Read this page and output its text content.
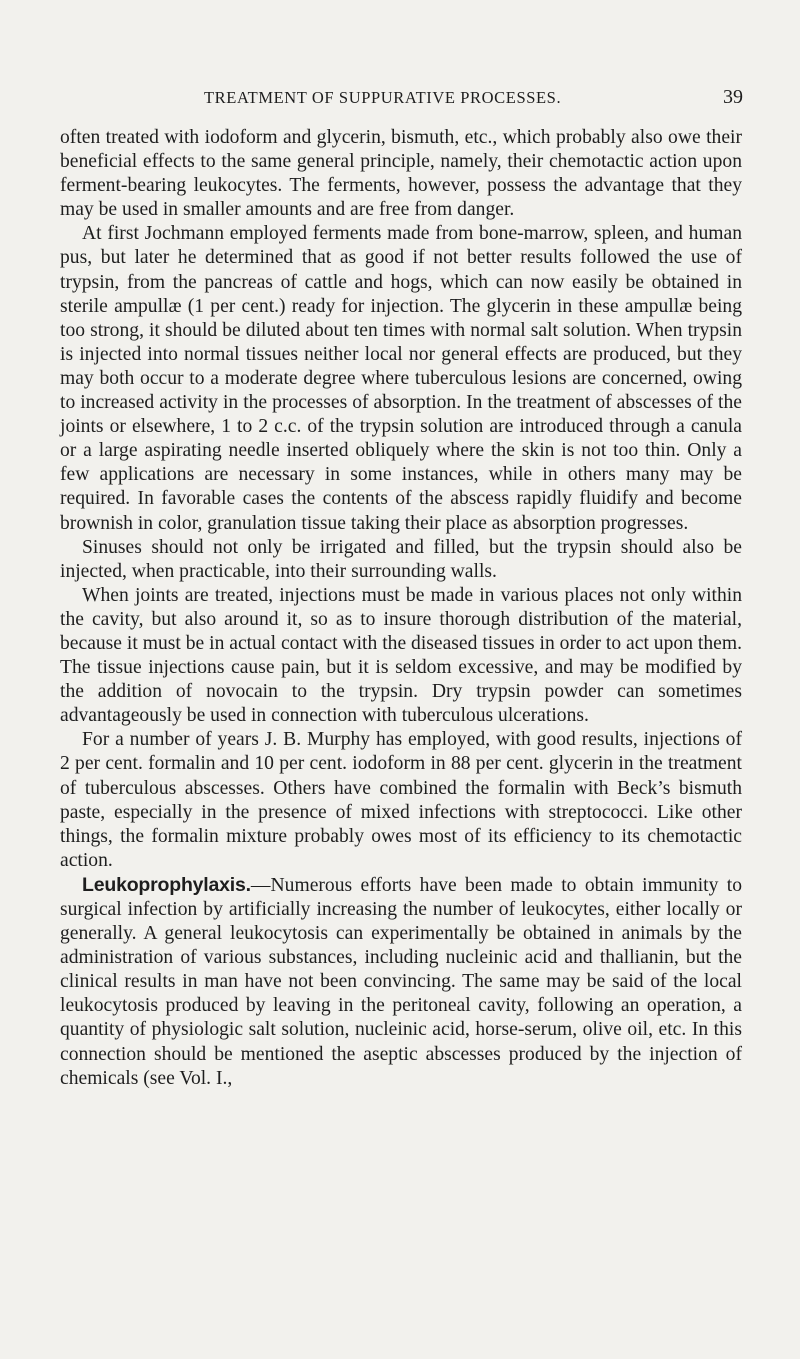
TREATMENT OF SUPPURATIVE PROCESSES.	39

often treated with iodoform and glycerin, bismuth, etc., which probably also owe their beneficial effects to the same general principle, namely, their chemotactic action upon ferment-bearing leukocytes. The ferments, however, possess the advantage that they may be used in smaller amounts and are free from danger.

At first Jochmann employed ferments made from bone-marrow, spleen, and human pus, but later he determined that as good if not better results followed the use of trypsin, from the pancreas of cattle and hogs, which can now easily be obtained in sterile ampullæ (1 per cent.) ready for injection. The glycerin in these ampullæ being too strong, it should be diluted about ten times with normal salt solution. When trypsin is injected into normal tissues neither local nor general effects are produced, but they may both occur to a moderate degree where tuberculous lesions are concerned, owing to increased activity in the processes of absorption. In the treatment of abscesses of the joints or elsewhere, 1 to 2 c.c. of the trypsin solution are introduced through a canula or a large aspirating needle inserted obliquely where the skin is not too thin. Only a few applications are necessary in some instances, while in others many may be required. In favorable cases the contents of the abscess rapidly fluidify and become brownish in color, granulation tissue taking their place as absorption progresses.

Sinuses should not only be irrigated and filled, but the trypsin should also be injected, when practicable, into their surrounding walls.

When joints are treated, injections must be made in various places not only within the cavity, but also around it, so as to insure thorough distribution of the material, because it must be in actual contact with the diseased tissues in order to act upon them. The tissue injections cause pain, but it is seldom excessive, and may be modified by the addition of novocain to the trypsin. Dry trypsin powder can sometimes advantageously be used in connection with tuberculous ulcerations.

For a number of years J. B. Murphy has employed, with good results, injections of 2 per cent. formalin and 10 per cent. iodoform in 88 per cent. glycerin in the treatment of tuberculous abscesses. Others have combined the formalin with Beck’s bismuth paste, especially in the presence of mixed infections with streptococci. Like other things, the formalin mixture probably owes most of its efficiency to its chemotactic action.

Leukoprophylaxis.—Numerous efforts have been made to obtain immunity to surgical infection by artificially increasing the number of leukocytes, either locally or generally. A general leukocytosis can experimentally be obtained in animals by the administration of various substances, including nucleinic acid and thallianin, but the clinical results in man have not been convincing. The same may be said of the local leukocytosis produced by leaving in the peritoneal cavity, following an operation, a quantity of physiologic salt solution, nucleinic acid, horse-serum, olive oil, etc. In this connection should be mentioned the aseptic abscesses produced by the injection of chemicals (see Vol. I.,
